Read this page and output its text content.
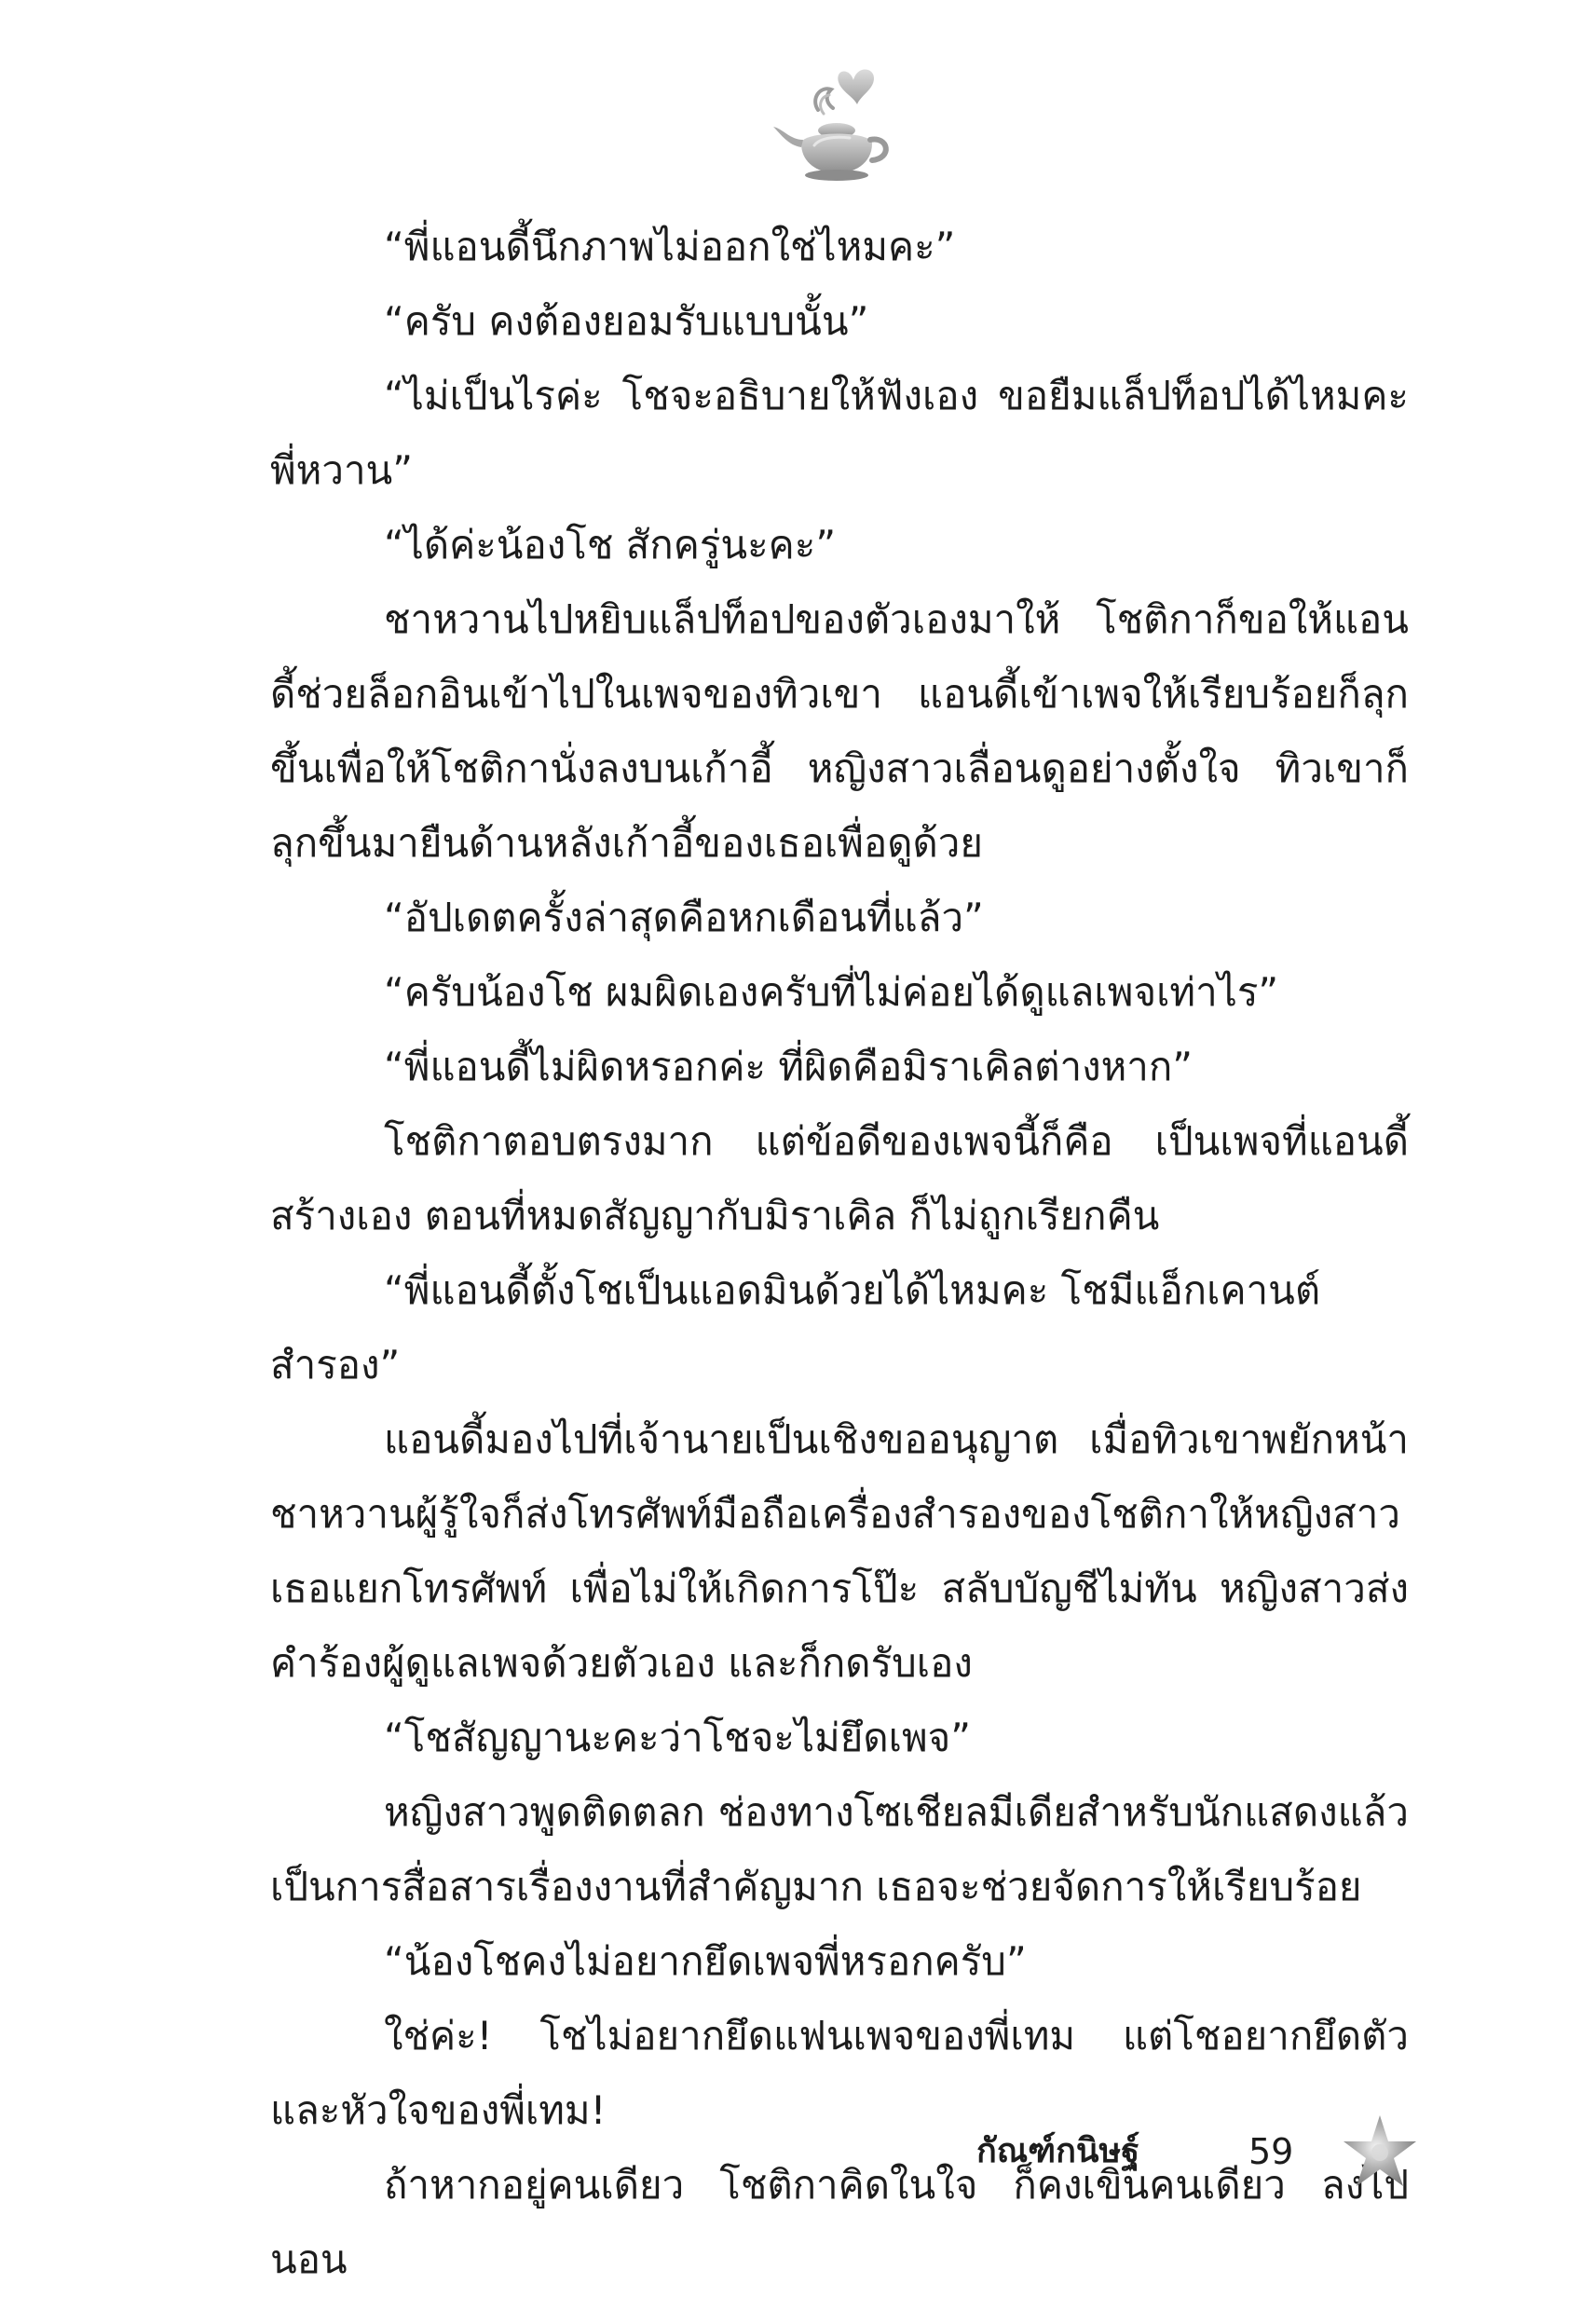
“พี่แอนดี้นึกภาพไม่ออกใช่ไหมคะ”

“ครับ คงต้องยอมรับแบบนั้น”

“ไม่เป็นไรค่ะ โชจะอธิบายให้ฟังเอง ขอยืมแล็ปท็อปได้ไหมคะ พี่หวาน”

“ได้ค่ะน้องโช สักครู่นะคะ”

ชาหวานไปหยิบแล็ปท็อปของตัวเองมาให้ โชติกาก็ขอให้แอนดี้ช่วยล็อกอินเข้าไปในเพจของทิวเขา แอนดี้เข้าเพจให้เรียบร้อยก็ลุกขึ้นเพื่อให้โชติกานั่งลงบนเก้าอี้ หญิงสาวเลื่อนดูอย่างตั้งใจ ทิวเขาก็ลุกขึ้นมายืนด้านหลังเก้าอี้ของเธอเพื่อดูด้วย

“อัปเดตครั้งล่าสุดคือหกเดือนที่แล้ว”

“ครับน้องโช ผมผิดเองครับที่ไม่ค่อยได้ดูแลเพจเท่าไร”

“พี่แอนดี้ไม่ผิดหรอกค่ะ ที่ผิดคือมิราเคิลต่างหาก”

โชติกาตอบตรงมาก แต่ข้อดีของเพจนี้ก็คือ เป็นเพจที่แอนดี้สร้างเอง ตอนที่หมดสัญญากับมิราเคิล ก็ไม่ถูกเรียกคืน

“พี่แอนดี้ตั้งโชเป็นแอดมินด้วยได้ไหมคะ โชมีแอ็กเคานต์สำรอง”

แอนดี้มองไปที่เจ้านายเป็นเชิงขออนุญาต เมื่อทิวเขาพยักหน้าชาหวานผู้รู้ใจก็ส่งโทรศัพท์มือถือเครื่องสำรองของโชติกาให้หญิงสาวเธอแยกโทรศัพท์ เพื่อไม่ให้เกิดการโป๊ะ สลับบัญชีไม่ทัน หญิงสาวส่งคำร้องผู้ดูแลเพจด้วยตัวเอง และก็กดรับเอง

“โชสัญญานะคะว่าโชจะไม่ยึดเพจ”

หญิงสาวพูดติดตลก ช่องทางโซเชียลมีเดียสำหรับนักแสดงแล้วเป็นการสื่อสารเรื่องงานที่สำคัญมาก เธอจะช่วยจัดการให้เรียบร้อย

“น้องโชคงไม่อยากยึดเพจพี่หรอกครับ”

ใช่ค่ะ! โชไม่อยากยึดแฟนเพจของพี่เทม แต่โชอยากยึดตัวและหัวใจของพี่เทม!

ถ้าหากอยู่คนเดียว โชติกาคิดในใจ ก็คงเขินคนเดียว ลงไปนอน

กัณฑ์กนิษฐ์	59
